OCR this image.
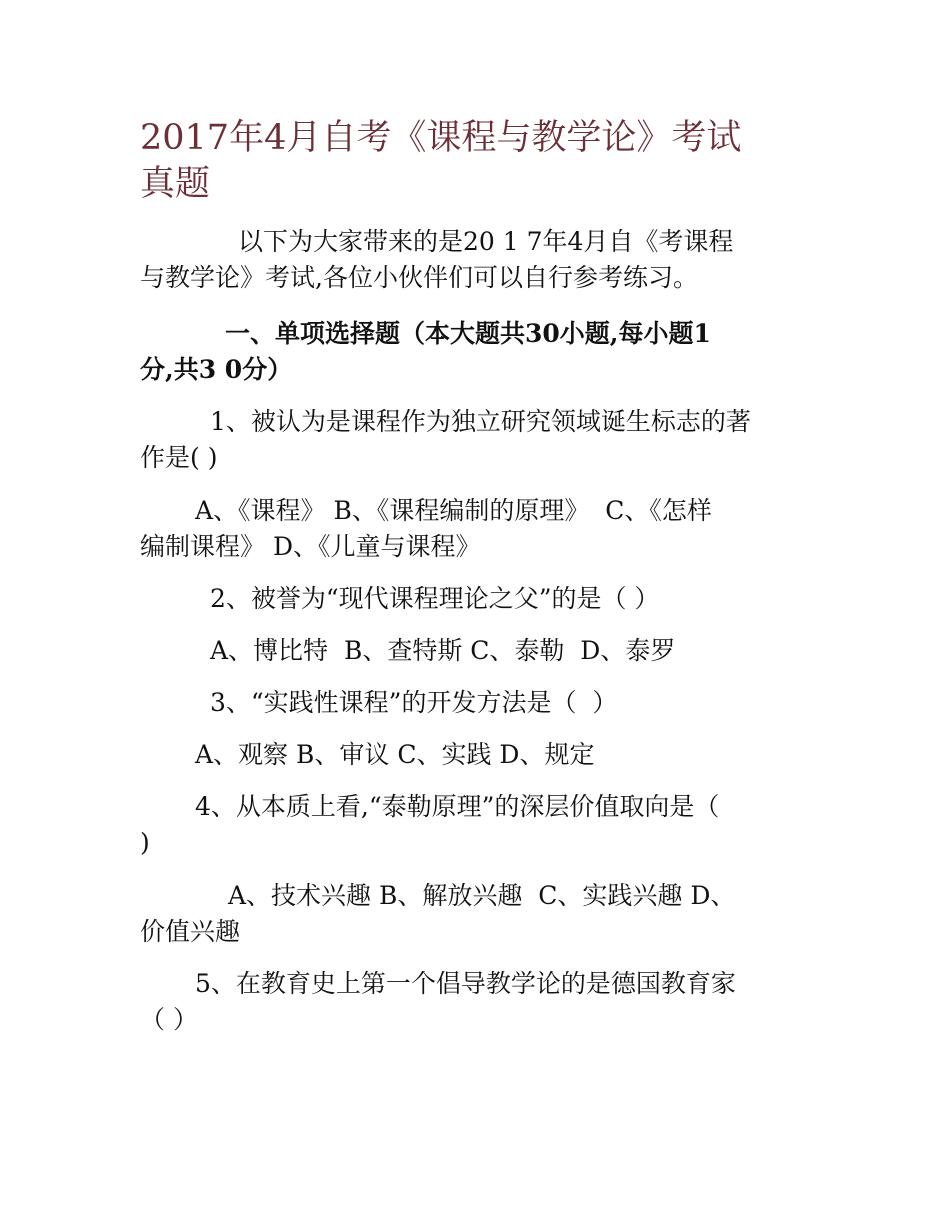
2017年4月自考《课程与教学论》考试
真题
以下为大家带来的是20 1 7年4月自《考课程
与教学论》考试,各位小伙伴们可以自行参考练习。
一、单项选择题（本大题共30小题,每小题1
分,共3 0分）
1、被认为是课程作为独立研究领域诞生标志的著
作是( )
A、《课程》 B、《课程编制的原理》  C、《怎样
编制课程》 D、《儿童与课程》
2、被誉为“现代课程理论之父”的是（ ）
A、博比特  B、查特斯 C、泰勒  D、泰罗
3、“实践性课程”的开发方法是（  ）
A、观察 B、审议 C、实践 D、规定
4、从本质上看,“泰勒原理”的深层价值取向是（
)
A、技术兴趣 B、解放兴趣  C、实践兴趣 D、
价值兴趣
5、在教育史上第一个倡导教学论的是德国教育家
（ ）
